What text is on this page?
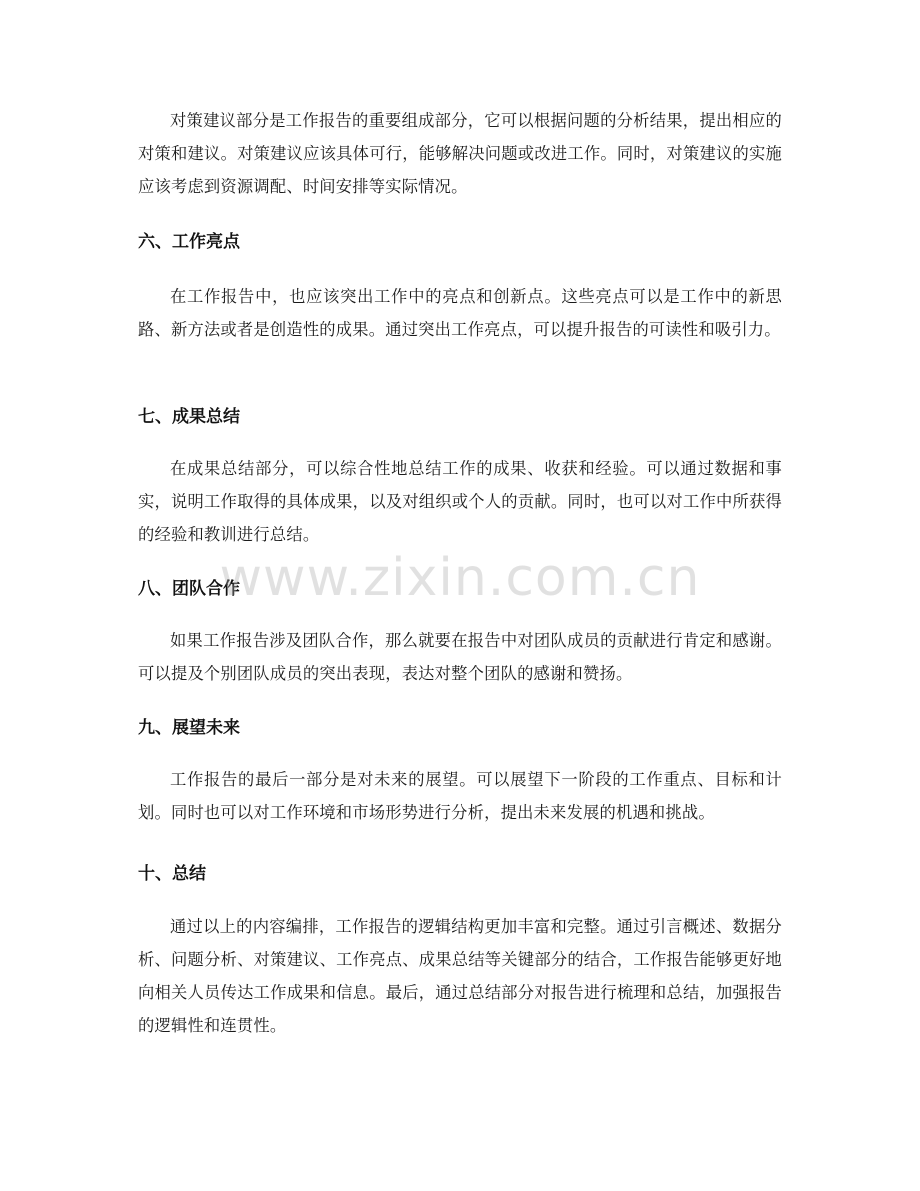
对策建议部分是工作报告的重要组成部分，它可以根据问题的分析结果，提出相应的对策和建议。对策建议应该具体可行，能够解决问题或改进工作。同时，对策建议的实施应该考虑到资源调配、时间安排等实际情况。

六、工作亮点

在工作报告中，也应该突出工作中的亮点和创新点。这些亮点可以是工作中的新思路、新方法或者是创造性的成果。通过突出工作亮点，可以提升报告的可读性和吸引力。

七、成果总结

在成果总结部分，可以综合性地总结工作的成果、收获和经验。可以通过数据和事实，说明工作取得的具体成果，以及对组织或个人的贡献。同时，也可以对工作中所获得的经验和教训进行总结。

八、团队合作

如果工作报告涉及团队合作，那么就要在报告中对团队成员的贡献进行肯定和感谢。可以提及个别团队成员的突出表现，表达对整个团队的感谢和赞扬。

九、展望未来

工作报告的最后一部分是对未来的展望。可以展望下一阶段的工作重点、目标和计划。同时也可以对工作环境和市场形势进行分析，提出未来发展的机遇和挑战。

十、总结

通过以上的内容编排，工作报告的逻辑结构更加丰富和完整。通过引言概述、数据分析、问题分析、对策建议、工作亮点、成果总结等关键部分的结合，工作报告能够更好地向相关人员传达工作成果和信息。最后，通过总结部分对报告进行梳理和总结，加强报告的逻辑性和连贯性。

www.zixin.com.cn
